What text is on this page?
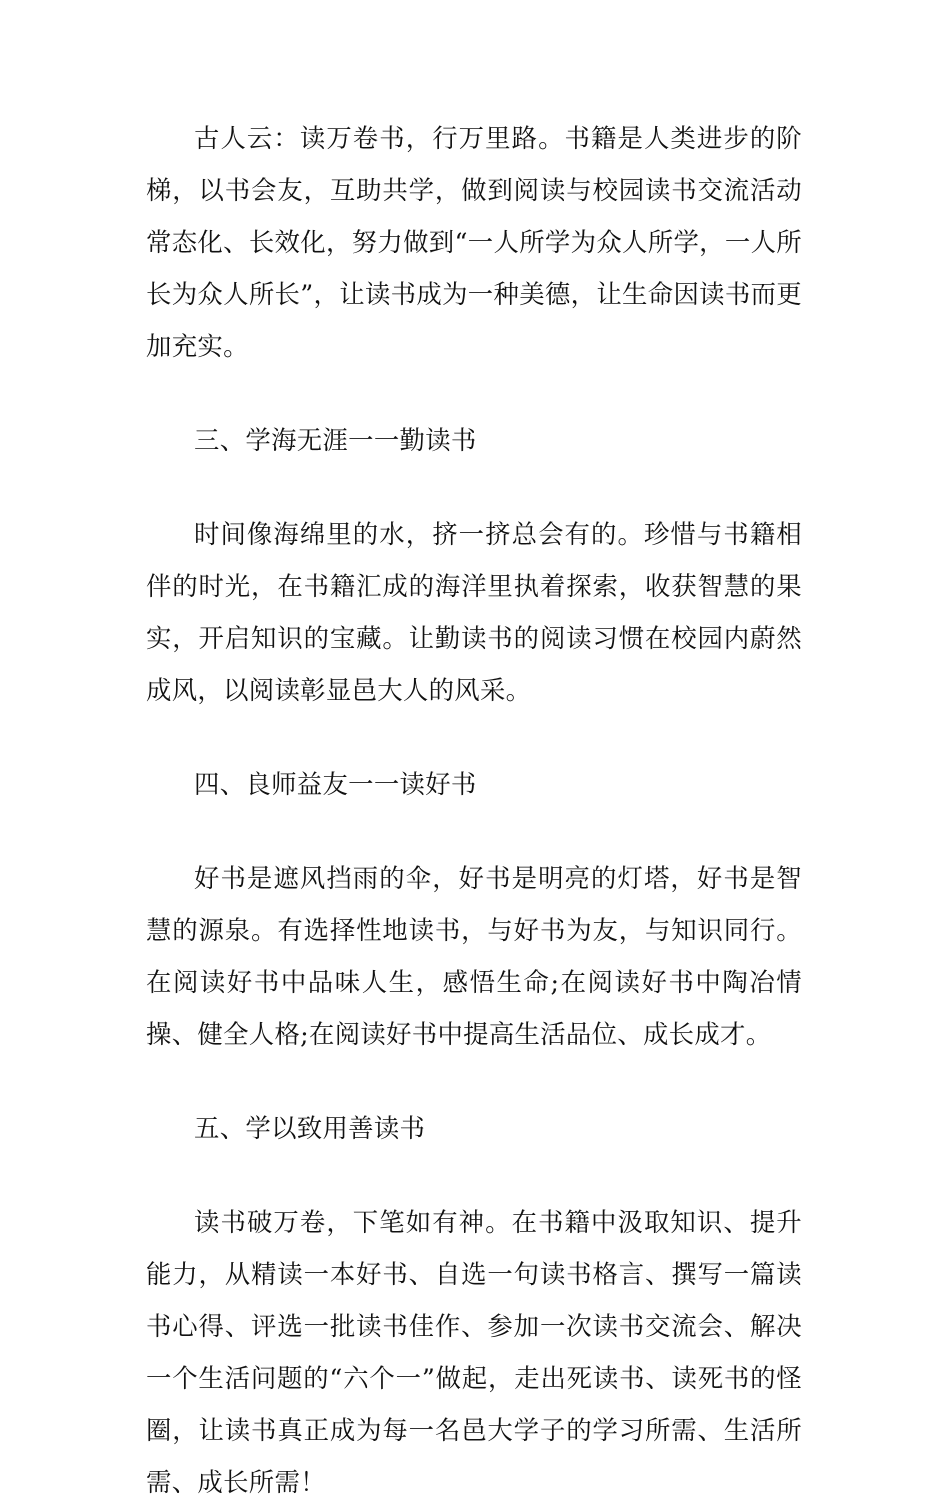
古人云：读万卷书，行万里路。书籍是人类进步的阶梯，以书会友，互助共学，做到阅读与校园读书交流活动常态化、长效化，努力做到“一人所学为众人所学，一人所长为众人所长”，让读书成为一种美德，让生命因读书而更加充实。

三、学海无涯一一勤读书

时间像海绵里的水，挤一挤总会有的。珍惜与书籍相伴的时光，在书籍汇成的海洋里执着探索，收获智慧的果实，开启知识的宝藏。让勤读书的阅读习惯在校园内蔚然成风，以阅读彰显邑大人的风采。

四、良师益友一一读好书

好书是遮风挡雨的伞，好书是明亮的灯塔，好书是智慧的源泉。有选择性地读书，与好书为友，与知识同行。在阅读好书中品味人生，感悟生命;在阅读好书中陶冶情操、健全人格;在阅读好书中提高生活品位、成长成才。

五、学以致用善读书

读书破万卷，下笔如有神。在书籍中汲取知识、提升能力，从精读一本好书、自选一句读书格言、撰写一篇读书心得、评选一批读书佳作、参加一次读书交流会、解决一个生活问题的“六个一”做起，走出死读书、读死书的怪圈，让读书真正成为每一名邑大学子的学习所需、生活所需、成长所需！
